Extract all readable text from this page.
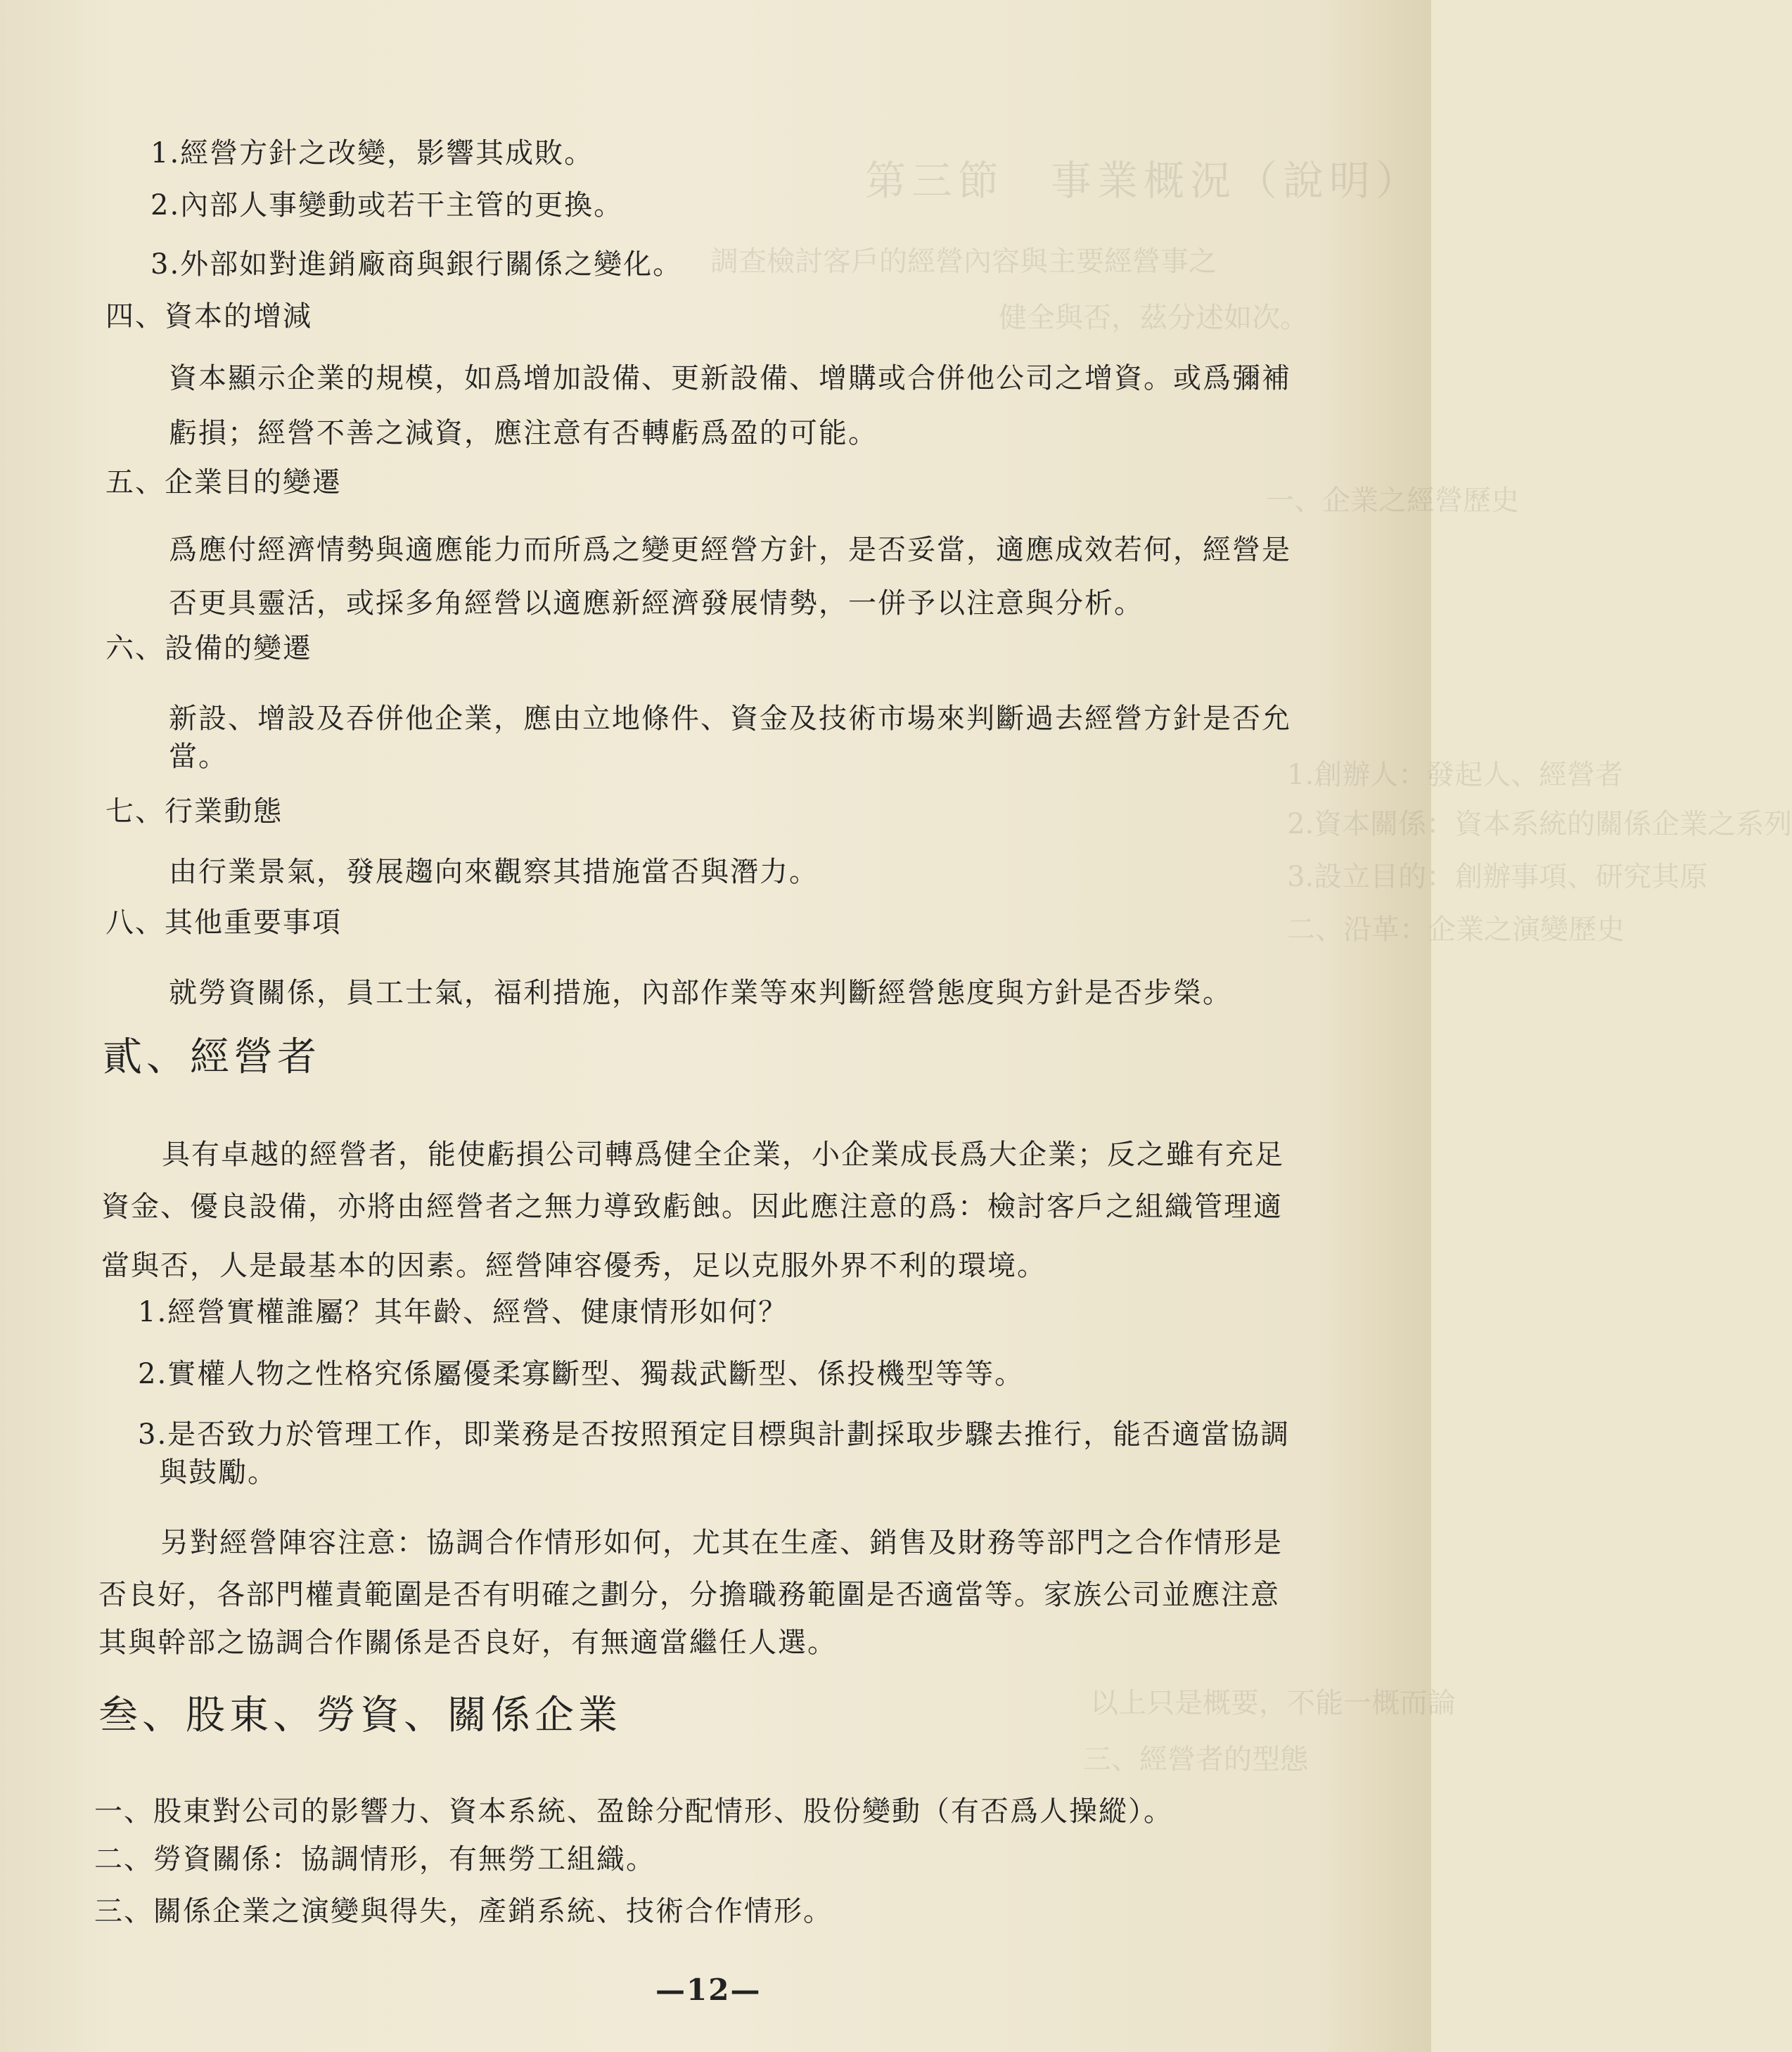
第三節　事業概況（說明）
調查檢討客戶的經營內容與主要經營事之
健全與否，茲分述如次。
一、企業之經營歷史
1.創辦人：發起人、經營者
2.資本關係：資本系統的關係企業之系列
3.設立目的：創辦事項、研究其原
二、沿革：企業之演變歷史
以上只是概要，不能一概而論
三、經營者的型態
1.經營方針之改變，影響其成敗。
2.內部人事變動或若干主管的更換。
3.外部如對進銷廠商與銀行關係之變化。
四、資本的增減
資本顯示企業的規模，如爲增加設備、更新設備、增購或合併他公司之增資。或爲彌補
虧損；經營不善之減資，應注意有否轉虧爲盈的可能。
五、企業目的變遷
爲應付經濟情勢與適應能力而所爲之變更經營方針，是否妥當，適應成效若何，經營是
否更具靈活，或採多角經營以適應新經濟發展情勢，一併予以注意與分析。
六、設備的變遷
新設、增設及吞併他企業，應由立地條件、資金及技術市場來判斷過去經營方針是否允
當。
七、行業動態
由行業景氣，發展趨向來觀察其措施當否與潛力。
八、其他重要事項
就勞資關係，員工士氣，福利措施，內部作業等來判斷經營態度與方針是否步榮。
貳、經營者
具有卓越的經營者，能使虧損公司轉爲健全企業，小企業成長爲大企業；反之雖有充足
資金、優良設備，亦將由經營者之無力導致虧蝕。因此應注意的爲：檢討客戶之組織管理適
當與否，人是最基本的因素。經營陣容優秀，足以克服外界不利的環境。
1.經營實權誰屬？其年齡、經營、健康情形如何？
2.實權人物之性格究係屬優柔寡斷型、獨裁武斷型、係投機型等等。
3.是否致力於管理工作，即業務是否按照預定目標與計劃採取步驟去推行，能否適當協調
與鼓勵。
另對經營陣容注意：協調合作情形如何，尤其在生產、銷售及財務等部門之合作情形是
否良好，各部門權責範圍是否有明確之劃分，分擔職務範圍是否適當等。家族公司並應注意
其與幹部之協調合作關係是否良好，有無適當繼任人選。
叁、股東、勞資、關係企業
一、股東對公司的影響力、資本系統、盈餘分配情形、股份變動（有否爲人操縱）。
二、勞資關係：協調情形，有無勞工組織。
三、關係企業之演變與得失，產銷系統、技術合作情形。
—12—
